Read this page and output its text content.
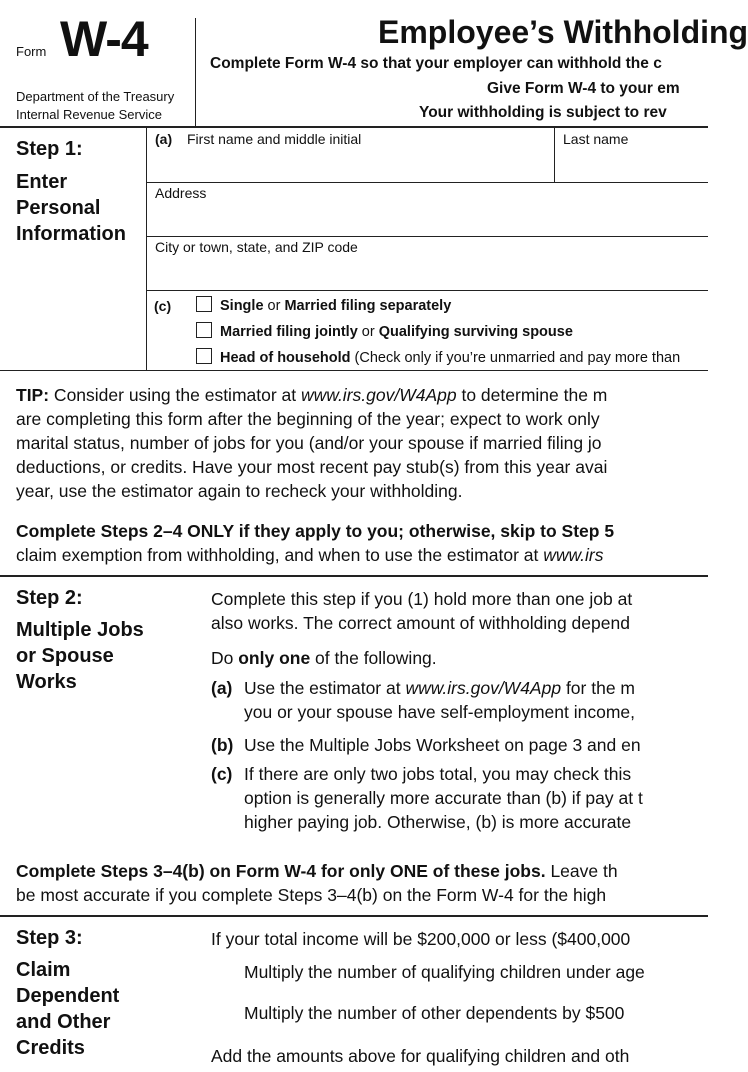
Form W-4
Department of the Treasury
Internal Revenue Service
Employee’s Withholding
Complete Form W-4 so that your employer can withhold the c
Give Form W-4 to your em
Your withholding is subject to rev
Step 1:
Enter
Personal
Information
(a) First name and middle initial	Last name
Address
City or town, state, and ZIP code
(c)	Single or Married filing separately
Married filing jointly or Qualifying surviving spouse
Head of household (Check only if you’re unmarried and pay more than
TIP: Consider using the estimator at www.irs.gov/W4App to determine the m
are completing this form after the beginning of the year; expect to work only
marital status, number of jobs for you (and/or your spouse if married filing jo
deductions, or credits. Have your most recent pay stub(s) from this year avai
year, use the estimator again to recheck your withholding.
Complete Steps 2–4 ONLY if they apply to you; otherwise, skip to Step 5
claim exemption from withholding, and when to use the estimator at www.irs
Step 2:
Multiple Jobs
or Spouse
Works
Complete this step if you (1) hold more than one job at
also works. The correct amount of withholding depend
Do only one of the following.
(a) Use the estimator at www.irs.gov/W4App for the m
you or your spouse have self-employment income,
(b) Use the Multiple Jobs Worksheet on page 3 and en
(c) If there are only two jobs total, you may check this
option is generally more accurate than (b) if pay at t
higher paying job. Otherwise, (b) is more accurate
Complete Steps 3–4(b) on Form W-4 for only ONE of these jobs. Leave th
be most accurate if you complete Steps 3–4(b) on the Form W-4 for the high
Step 3:
Claim
Dependent
and Other
Credits
If your total income will be $200,000 or less ($400,000
Multiply the number of qualifying children under age
Multiply the number of other dependents by $500
Add the amounts above for qualifying children and oth
